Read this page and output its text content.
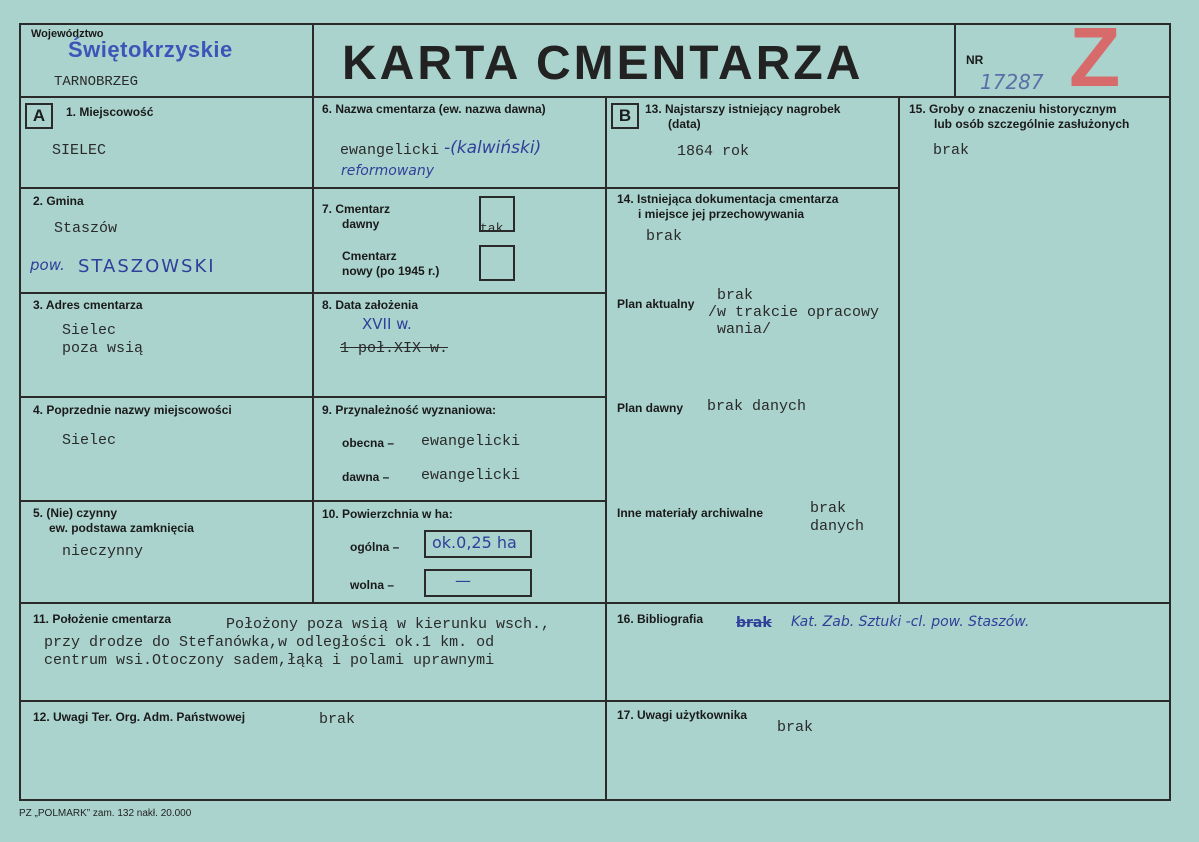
Województwo
Świętokrzyskie
TARNOBRZEG	KARTA CMENTARZA	NR
17287 Z
A	B
1. Miejscowość
SIELEC
2. Gmina
Staszów
pow. STASZOWSKI
3. Adres cmentarza
Sielec
poza wsią
4. Poprzednie nazwy miejscowości
Sielec
5. (Nie) czynny
ew. podstawa zamknięcia
nieczynny
6. Nazwa cmentarza (ew. nazwa dawna)
ewangelicki -(kalwiński)
reformowany
7. Cmentarz
dawny	tak
Cmentarz
nowy (po 1945 r.)
8. Data założenia
XVII w.
1 poł.XIX w.
9. Przynależność wyznaniowa:
obecna – ewangelicki
dawna – ewangelicki
10. Powierzchnia w ha:
ogólna – ok.0,25 ha
wolna –	—
11. Położenie cmentarza	Położony poza wsią w kierunku wsch.,
przy drodze do Stefanówka,w odległości ok.1 km. od
centrum wsi.Otoczony sadem,łąką i polami uprawnymi
12. Uwagi Ter. Org. Adm. Państwowej	brak
13. Najstarszy istniejący nagrobek
(data)
1864 rok
14. Istniejąca dokumentacja cmentarza
i miejsce jej przechowywania
brak
Plan aktualny brak
/w trakcie opracowy
wania/
Plan dawny brak danych
Inne materiały archiwalne	brak
danych
15. Groby o znaczeniu historycznym
lub osób szczególnie zasłużonych
brak
16. Bibliografia brak Kat. Zab. Sztuki -cl. pow. Staszów.
17. Uwagi użytkownika
brak
PZ „POLMARK” zam. 132 nakł. 20.000
